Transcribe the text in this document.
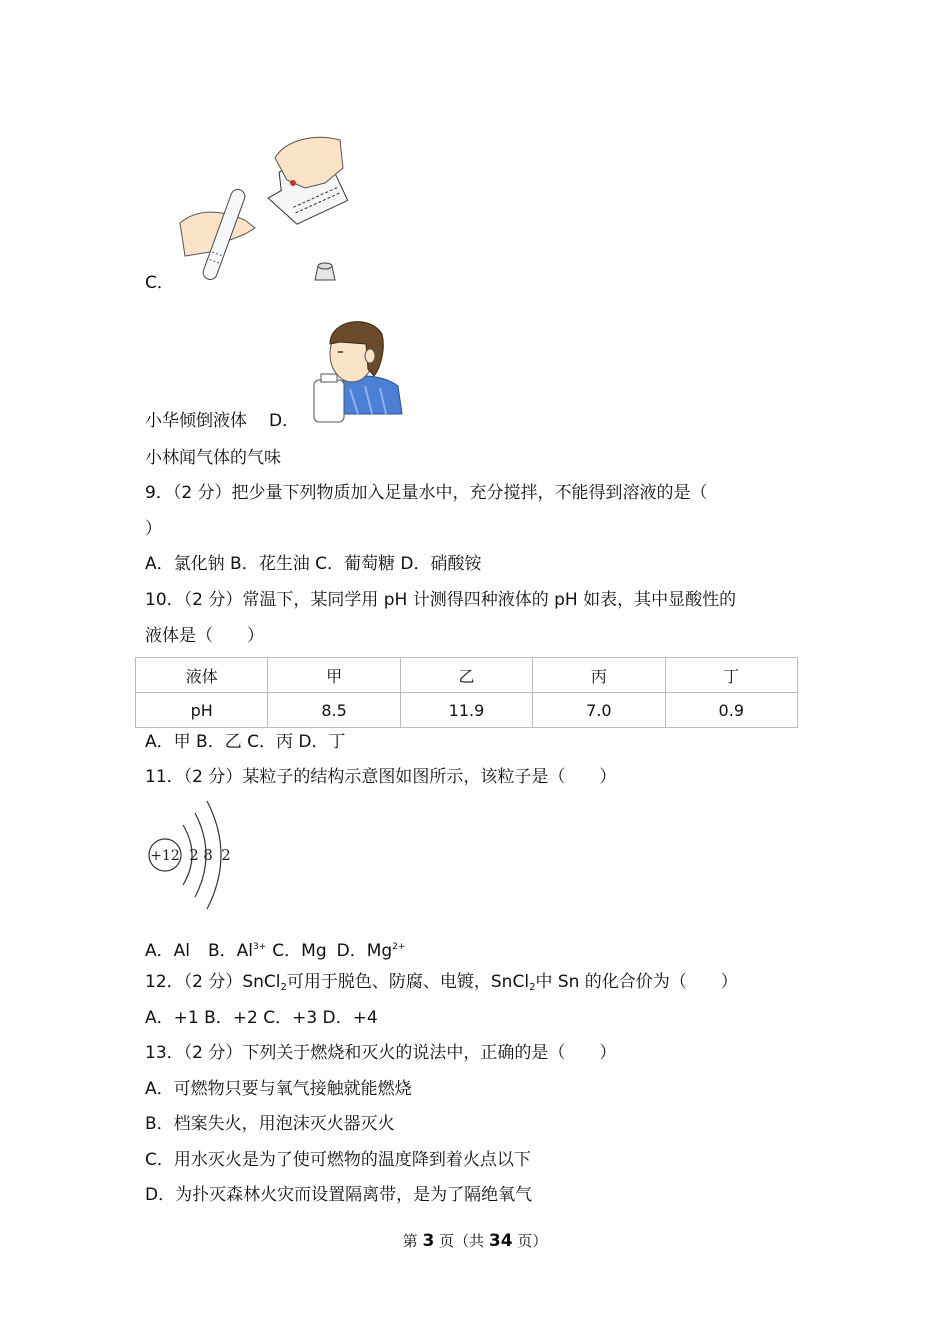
C．
小华倾倒液体 D．
小林闻气体的气味
9．（2 分）把少量下列物质加入足量水中，充分搅拌，不能得到溶液的是（
）
A．氯化钠 B．花生油 C．葡萄糖 D．硝酸铵
10．（2 分）常温下，某同学用 pH 计测得四种液体的 pH 如表，其中显酸性的
液体是（　　）
液体	甲	乙	丙	丁
pH	8.5	11.9	7.0	0.9
A．甲 B．乙 C．丙 D．丁
11．（2 分）某粒子的结构示意图如图所示，该粒子是（　　）
+12 2 8 2
A．Al B．$Al^{3+}$ C．Mg D．$Mg^{2+}$
12．（2 分）SnCl$_2$可用于脱色、防腐、电镀，SnCl$_2$中 Sn 的化合价为（　　）
A．+1 B．+2 C．+3 D．+4
13．（2 分）下列关于燃烧和灭火的说法中，正确的是（　　）
A．可燃物只要与氧气接触就能燃烧
B．档案失火，用泡沫灭火器灭火
C．用水灭火是为了使可燃物的温度降到着火点以下
D．为扑灭森林火灾而设置隔离带，是为了隔绝氧气
第 3 页（共 34 页）
